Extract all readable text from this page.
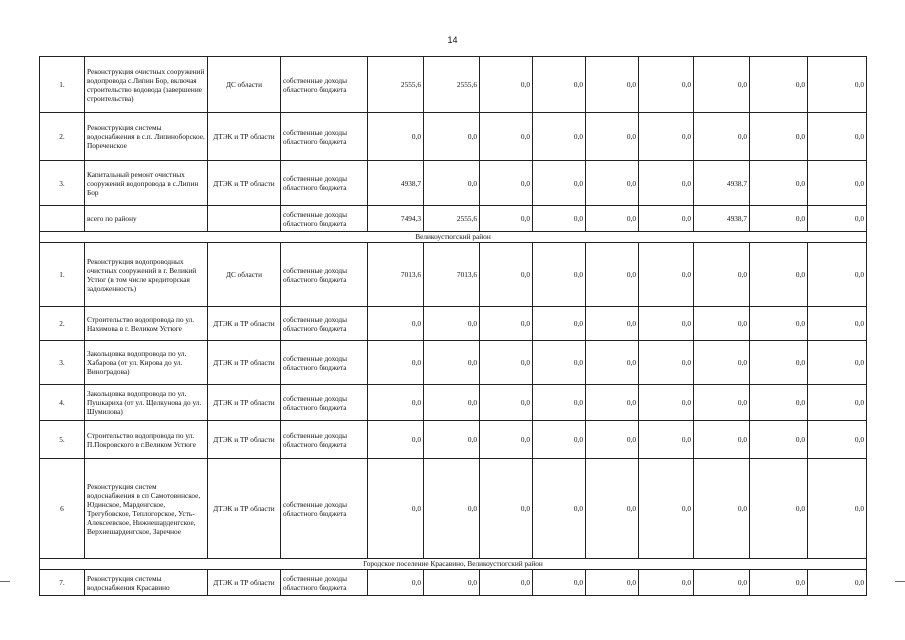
14
1.	Реконструкция очистных сооружений водопровода с.Липин Бор, включая строительство водовода (завершение строительства)	ДС области	собственные доходы областного бюджета	2555,6	2555,6	0,0	0,0	0,0	0,0	0,0	0,0	0,0
2.	Реконструкция системы водоснабжения в с.п. Липиноборское, Пореченское	ДТЭК и ТР области	собственные доходы областного бюджета	0,0	0,0	0,0	0,0	0,0	0,0	0,0	0,0	0,0
3.	Капитальный ремонт очистных сооружений водопровода в с.Липин Бор	ДТЭК и ТР области	собственные доходы областного бюджета	4938,7	0,0	0,0	0,0	0,0	0,0	4938,7	0,0	0,0
	всего по району		собственные доходы областного бюджета	7494,3	2555,6	0,0	0,0	0,0	0,0	4938,7	0,0	0,0
Великоустюгский район												
1.	Реконструкция водопроводных очистных сооружений в г. Великий Устюг (в том числе кредиторская задолженность)	ДС области	собственные доходы областного бюджета	7013,6	7013,6	0,0	0,0	0,0	0,0	0,0	0,0	0,0
2.	Строительство водопровода по ул. Нахимова в г. Великом Устюге	ДТЭК и ТР области	собственные доходы областного бюджета	0,0	0,0	0,0	0,0	0,0	0,0	0,0	0,0	0,0
3.	Закольцовка водопровода по ул. Хабарова (от ул. Кирова до ул. Виноградова)	ДТЭК и ТР области	собственные доходы областного бюджета	0,0	0,0	0,0	0,0	0,0	0,0	0,0	0,0	0,0
4.	Закольцовка водопровода по ул. Пушкариха (от ул. Щелкунова до ул. Шумилова)	ДТЭК и ТР области	собственные доходы областного бюджета	0,0	0,0	0,0	0,0	0,0	0,0	0,0	0,0	0,0
5.	Строительство водопровода по ул. П.Покровского в г.Великом Устюге	ДТЭК и ТР области	собственные доходы областного бюджета	0,0	0,0	0,0	0,0	0,0	0,0	0,0	0,0	0,0
6	Реконструкция систем водоснабжения в сп Самотовинское, Юдинское, Марденгское, Трегубовское, Теплогорское, Усть-Алексеевское, Нижнешарденгское, Верхнешарденгское, Заречное	ДТЭК и ТР области	собственные доходы областного бюджета	0,0	0,0	0,0	0,0	0,0	0,0	0,0	0,0	0,0
Городское поселение Красавино, Великоустюгский район												
7.	Реконструкция системы водоснабжения Красавино	ДТЭК и ТР области	собственные доходы областного бюджета	0,0	0,0	0,0	0,0	0,0	0,0	0,0	0,0	0,0
